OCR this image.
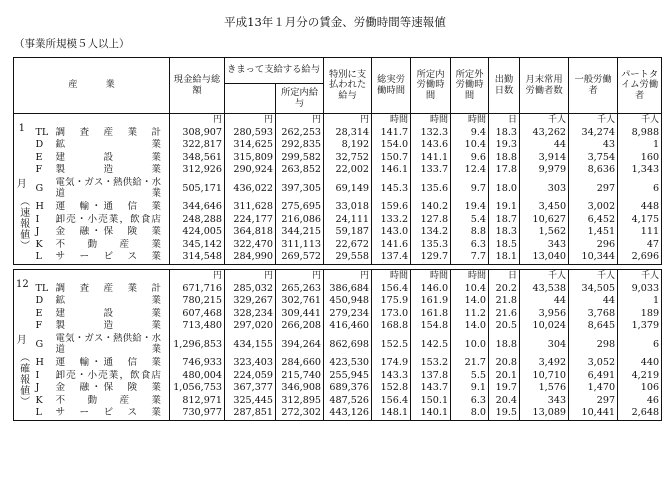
平成13年１月分の賃金、労働時間等速報値
（事業所規模５人以上）
産　　　業			現金給与総額	きまって支給する給与		特別に支払われた給与	総実労働時間	所定内労働時間	所定外労働時間	出勤日数	月末常用労働者数	一般労働者	パートタイム労働者
					所定内給与								

1
月
（速報値）			円	円	円	円	時間	時間	時間	日	千人	千人	千人
	TL	調　査　産　業　計	308,907	280,593	262,253	28,314	141.7	132.3	9.4	18.3	43,262	34,274	8,988
	D	鉱　　　　　　業	322,817	314,625	292,835	8,192	154.0	143.6	10.4	19.3	44	43	1
	E	建　　設　　業	348,561	315,809	299,582	32,752	150.7	141.1	9.6	18.8	3,914	3,754	160
	F	製　　造　　業	312,926	290,924	263,852	22,002	146.1	133.7	12.4	17.8	9,979	8,636	1,343
	G	電気・ガス・熱供給・水道業	505,171	436,022	397,305	69,149	145.3	135.6	9.7	18.0	303	297	6
	H	運　輸・通　信　業	344,646	311,628	275,695	33,018	159.6	140.2	19.4	19.1	3,450	3,002	448
	I	卸売・小売業，飲食店	248,288	224,177	216,086	24,111	133.2	127.8	5.4	18.7	10,627	6,452	4,175
	J	金　融・保　険　業	424,005	364,818	344,215	59,187	143.0	134.2	8.8	18.3	1,562	1,451	111
	K	不　動　産　業	345,142	322,470	311,113	22,672	141.6	135.3	6.3	18.5	343	296	47
	L	サ　ー　ビ　ス　業	314,548	284,990	269,572	29,558	137.4	129.7	7.7	18.1	13,040	10,344	2,696

12
月
（確報値）			円	円	円	円	時間	時間	時間	日	千人	千人	千人
	TL	調　査　産　業　計	671,716	285,032	265,263	386,684	156.4	146.0	10.4	20.2	43,538	34,505	9,033
	D	鉱　　　　　　業	780,215	329,267	302,761	450,948	175.9	161.9	14.0	21.8	44	44	1
	E	建　　設　　業	607,468	328,234	309,441	279,234	173.0	161.8	11.2	21.6	3,956	3,768	189
	F	製　　造　　業	713,480	297,020	266,208	416,460	168.8	154.8	14.0	20.5	10,024	8,645	1,379
	G	電気・ガス・熱供給・水道業	1,296,853	434,155	394,264	862,698	152.5	142.5	10.0	18.8	304	298	6
	H	運　輸・通　信　業	746,933	323,403	284,660	423,530	174.9	153.2	21.7	20.8	3,492	3,052	440
	I	卸売・小売業，飲食店	480,004	224,059	215,740	255,945	143.3	137.8	5.5	20.1	10,710	6,491	4,219
	J	金　融・保　険　業	1,056,753	367,377	346,908	689,376	152.8	143.7	9.1	19.7	1,576	1,470	106
	K	不　動　産　業	812,971	325,445	312,895	487,526	156.4	150.1	6.3	20.4	343	297	46
	L	サ　ー　ビ　ス　業	730,977	287,851	272,302	443,126	148.1	140.1	8.0	19.5	13,089	10,441	2,648
